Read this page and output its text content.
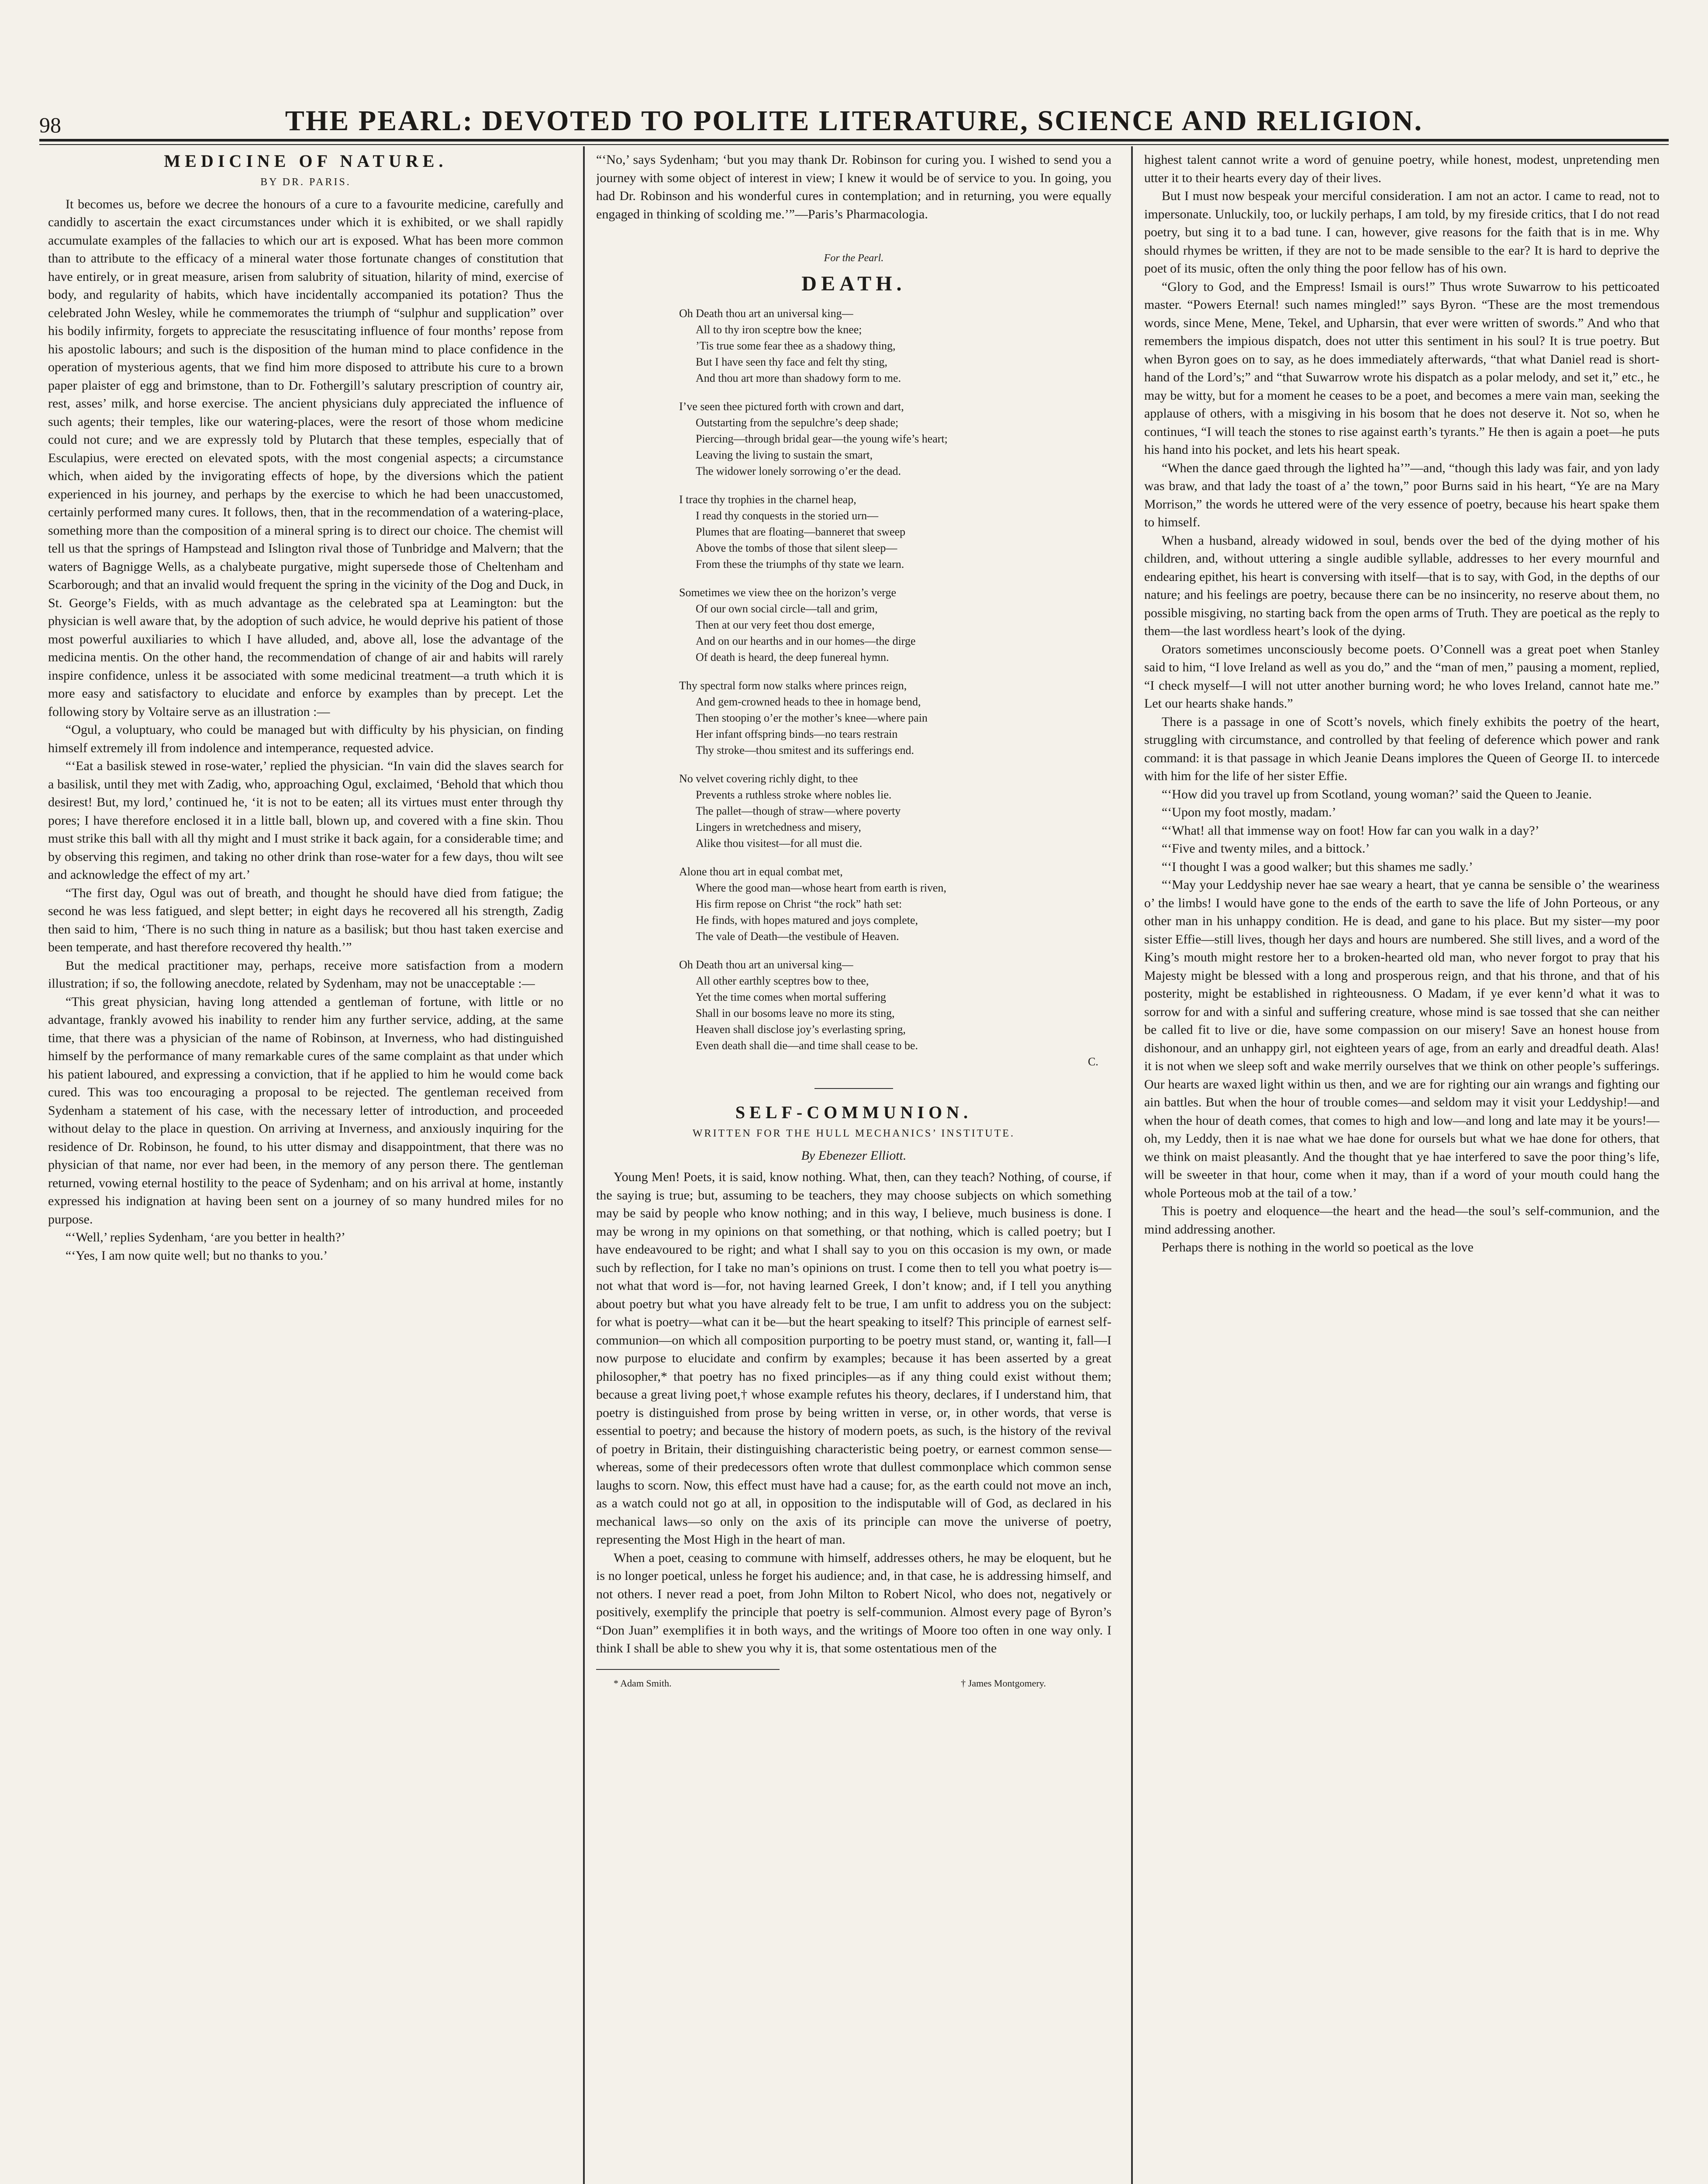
98	THE PEARL: DEVOTED TO POLITE LITERATURE, SCIENCE AND RELIGION.
MEDICINE OF NATURE.
BY DR. PARIS.

It becomes us, before we decree the honours of a cure to a favourite medicine, carefully and candidly to ascertain the exact circumstances under which it is exhibited, or we shall rapidly accumulate examples of the fallacies to which our art is exposed. What has been more common than to attribute to the efficacy of a mineral water those fortunate changes of constitution that have entirely, or in great measure, arisen from salubrity of situation, hilarity of mind, exercise of body, and regularity of habits, which have incidentally accompanied its potation? Thus the celebrated John Wesley, while he commemorates the triumph of “sulphur and supplication” over his bodily infirmity, forgets to appreciate the resuscitating influence of four months’ repose from his apostolic labours; and such is the disposition of the human mind to place confidence in the operation of mysterious agents, that we find him more disposed to attribute his cure to a brown paper plaister of egg and brimstone, than to Dr. Fothergill’s salutary prescription of country air, rest, asses’ milk, and horse exercise. The ancient physicians duly appreciated the influence of such agents; their temples, like our watering-places, were the resort of those whom medicine could not cure; and we are expressly told by Plutarch that these temples, especially that of Esculapius, were erected on elevated spots, with the most congenial aspects; a circumstance which, when aided by the invigorating effects of hope, by the diversions which the patient experienced in his journey, and perhaps by the exercise to which he had been unaccustomed, certainly performed many cures. It follows, then, that in the recommendation of a watering-place, something more than the composition of a mineral spring is to direct our choice. The chemist will tell us that the springs of Hampstead and Islington rival those of Tunbridge and Malvern; that the waters of Bagnigge Wells, as a chalybeate purgative, might supersede those of Cheltenham and Scarborough; and that an invalid would frequent the spring in the vicinity of the Dog and Duck, in St. George’s Fields, with as much advantage as the celebrated spa at Leamington: but the physician is well aware that, by the adoption of such advice, he would deprive his patient of those most powerful auxiliaries to which I have alluded, and, above all, lose the advantage of the medicina mentis. On the other hand, the recommendation of change of air and habits will rarely inspire confidence, unless it be associated with some medicinal treatment—a truth which it is more easy and satisfactory to elucidate and enforce by examples than by precept. Let the following story by Voltaire serve as an illustration :—

“Ogul, a voluptuary, who could be managed but with difficulty by his physician, on finding himself extremely ill from indolence and intemperance, requested advice.

“‘Eat a basilisk stewed in rose-water,’ replied the physician. “In vain did the slaves search for a basilisk, until they met with Zadig, who, approaching Ogul, exclaimed, ‘Behold that which thou desirest! But, my lord,’ continued he, ‘it is not to be eaten; all its virtues must enter through thy pores; I have therefore enclosed it in a little ball, blown up, and covered with a fine skin. Thou must strike this ball with all thy might and I must strike it back again, for a considerable time; and by observing this regimen, and taking no other drink than rose-water for a few days, thou wilt see and acknowledge the effect of my art.’

“The first day, Ogul was out of breath, and thought he should have died from fatigue; the second he was less fatigued, and slept better; in eight days he recovered all his strength, Zadig then said to him, ‘There is no such thing in nature as a basilisk; but thou hast taken exercise and been temperate, and hast therefore recovered thy health.’”

But the medical practitioner may, perhaps, receive more satisfaction from a modern illustration; if so, the following anecdote, related by Sydenham, may not be unacceptable :—

“This great physician, having long attended a gentleman of fortune, with little or no advantage, frankly avowed his inability to render him any further service, adding, at the same time, that there was a physician of the name of Robinson, at Inverness, who had distinguished himself by the performance of many remarkable cures of the same complaint as that under which his patient laboured, and expressing a conviction, that if he applied to him he would come back cured. This was too encouraging a proposal to be rejected. The gentleman received from Sydenham a statement of his case, with the necessary letter of introduction, and proceeded without delay to the place in question. On arriving at Inverness, and anxiously inquiring for the residence of Dr. Robinson, he found, to his utter dismay and disappointment, that there was no physician of that name, nor ever had been, in the memory of any person there. The gentleman returned, vowing eternal hostility to the peace of Sydenham; and on his arrival at home, instantly expressed his indignation at having been sent on a journey of so many hundred miles for no purpose.

“‘Well,’ replies Sydenham, ‘are you better in health?’

“‘Yes, I am now quite well; but no thanks to you.’

“‘No,’ says Sydenham; ‘but you may thank Dr. Robinson for curing you. I wished to send you a journey with some object of interest in view; I knew it would be of service to you. In going, you had Dr. Robinson and his wonderful cures in contemplation; and in returning, you were equally engaged in thinking of scolding me.’”—Paris’s Pharmacologia.

For the Pearl.
DEATH.
Oh Death thou art an universal king—
All to thy iron sceptre bow the knee;
’Tis true some fear thee as a shadowy thing,
But I have seen thy face and felt thy sting,
And thou art more than shadowy form to me.
I’ve seen thee pictured forth with crown and dart,
Outstarting from the sepulchre’s deep shade;
Piercing—through bridal gear—the young wife’s heart;
Leaving the living to sustain the smart,
The widower lonely sorrowing o’er the dead.
I trace thy trophies in the charnel heap,
I read thy conquests in the storied urn—
Plumes that are floating—banneret that sweep
Above the tombs of those that silent sleep—
From these the triumphs of thy state we learn.
Sometimes we view thee on the horizon’s verge
Of our own social circle—tall and grim,
Then at our very feet thou dost emerge,
And on our hearths and in our homes—the dirge
Of death is heard, the deep funereal hymn.
Thy spectral form now stalks where princes reign,
And gem-crowned heads to thee in homage bend,
Then stooping o’er the mother’s knee—where pain
Her infant offspring binds—no tears restrain
Thy stroke—thou smitest and its sufferings end.
No velvet covering richly dight, to thee
Prevents a ruthless stroke where nobles lie.
The pallet—though of straw—where poverty
Lingers in wretchedness and misery,
Alike thou visitest—for all must die.
Alone thou art in equal combat met,
Where the good man—whose heart from earth is riven,
His firm repose on Christ “the rock” hath set:
He finds, with hopes matured and joys complete,
The vale of Death—the vestibule of Heaven.
Oh Death thou art an universal king—
All other earthly sceptres bow to thee,
Yet the time comes when mortal suffering
Shall in our bosoms leave no more its sting,
Heaven shall disclose joy’s everlasting spring,
Even death shall die—and time shall cease to be.
C.
SELF-COMMUNION.
WRITTEN FOR THE HULL MECHANICS’ INSTITUTE.
By Ebenezer Elliott.

Young Men! Poets, it is said, know nothing. What, then, can they teach? Nothing, of course, if the saying is true; but, assuming to be teachers, they may choose subjects on which something may be said by people who know nothing; and in this way, I believe, much business is done. I may be wrong in my opinions on that something, or that nothing, which is called poetry; but I have endeavoured to be right; and what I shall say to you on this occasion is my own, or made such by reflection, for I take no man’s opinions on trust. I come then to tell you what poetry is—not what that word is—for, not having learned Greek, I don’t know; and, if I tell you anything about poetry but what you have already felt to be true, I am unfit to address you on the subject: for what is poetry—what can it be—but the heart speaking to itself? This principle of earnest self-communion—on which all composition purporting to be poetry must stand, or, wanting it, fall—I now purpose to elucidate and confirm by examples; because it has been asserted by a great philosopher,* that poetry has no fixed principles—as if any thing could exist without them; because a great living poet,† whose example refutes his theory, declares, if I understand him, that poetry is distinguished from prose by being written in verse, or, in other words, that verse is essential to poetry; and because the history of modern poets, as such, is the history of the revival of poetry in Britain, their distinguishing characteristic being poetry, or earnest common sense—whereas, some of their predecessors often wrote that dullest commonplace which common sense laughs to scorn. Now, this effect must have had a cause; for, as the earth could not move an inch, as a watch could not go at all, in opposition to the indisputable will of God, as declared in his mechanical laws—so only on the axis of its principle can move the universe of poetry, representing the Most High in the heart of man.

When a poet, ceasing to commune with himself, addresses others, he may be eloquent, but he is no longer poetical, unless he forget his audience; and, in that case, he is addressing himself, and not others. I never read a poet, from John Milton to Robert Nicol, who does not, negatively or positively, exemplify the principle that poetry is self-communion. Almost every page of Byron’s “Don Juan” exemplifies it in both ways, and the writings of Moore too often in one way only. I think I shall be able to shew you why it is, that some ostentatious men of the

* Adam Smith.	† James Montgomery.

highest talent cannot write a word of genuine poetry, while honest, modest, unpretending men utter it to their hearts every day of their lives.

But I must now bespeak your merciful consideration. I am not an actor. I came to read, not to impersonate. Unluckily, too, or luckily perhaps, I am told, by my fireside critics, that I do not read poetry, but sing it to a bad tune. I can, however, give reasons for the faith that is in me. Why should rhymes be written, if they are not to be made sensible to the ear? It is hard to deprive the poet of its music, often the only thing the poor fellow has of his own.

“Glory to God, and the Empress! Ismail is ours!” Thus wrote Suwarrow to his petticoated master. “Powers Eternal! such names mingled!” says Byron. “These are the most tremendous words, since Mene, Mene, Tekel, and Upharsin, that ever were written of swords.” And who that remembers the impious dispatch, does not utter this sentiment in his soul? It is true poetry. But when Byron goes on to say, as he does immediately afterwards, “that what Daniel read is short-hand of the Lord’s;” and “that Suwarrow wrote his dispatch as a polar melody, and set it,” etc., he may be witty, but for a moment he ceases to be a poet, and becomes a mere vain man, seeking the applause of others, with a misgiving in his bosom that he does not deserve it. Not so, when he continues, “I will teach the stones to rise against earth’s tyrants.” He then is again a poet—he puts his hand into his pocket, and lets his heart speak.

“When the dance gaed through the lighted ha’”—and, “though this lady was fair, and yon lady was braw, and that lady the toast of a’ the town,” poor Burns said in his heart, “Ye are na Mary Morrison,” the words he uttered were of the very essence of poetry, because his heart spake them to himself.

When a husband, already widowed in soul, bends over the bed of the dying mother of his children, and, without uttering a single audible syllable, addresses to her every mournful and endearing epithet, his heart is conversing with itself—that is to say, with God, in the depths of our nature; and his feelings are poetry, because there can be no insincerity, no reserve about them, no possible misgiving, no starting back from the open arms of Truth. They are poetical as the reply to them—the last wordless heart’s look of the dying.

Orators sometimes unconsciously become poets. O’Connell was a great poet when Stanley said to him, “I love Ireland as well as you do,” and the “man of men,” pausing a moment, replied, “I check myself—I will not utter another burning word; he who loves Ireland, cannot hate me.” Let our hearts shake hands.”

There is a passage in one of Scott’s novels, which finely exhibits the poetry of the heart, struggling with circumstance, and controlled by that feeling of deference which power and rank command: it is that passage in which Jeanie Deans implores the Queen of George II. to intercede with him for the life of her sister Effie.

“‘How did you travel up from Scotland, young woman?’ said the Queen to Jeanie.

“‘Upon my foot mostly, madam.’

“‘What! all that immense way on foot! How far can you walk in a day?’

“‘Five and twenty miles, and a bittock.’

“‘I thought I was a good walker; but this shames me sadly.’

“‘May your Leddyship never hae sae weary a heart, that ye canna be sensible o’ the weariness o’ the limbs! I would have gone to the ends of the earth to save the life of John Porteous, or any other man in his unhappy condition. He is dead, and gane to his place. But my sister—my poor sister Effie—still lives, though her days and hours are numbered. She still lives, and a word of the King’s mouth might restore her to a broken-hearted old man, who never forgot to pray that his Majesty might be blessed with a long and prosperous reign, and that his throne, and that of his posterity, might be established in righteousness. O Madam, if ye ever kenn’d what it was to sorrow for and with a sinful and suffering creature, whose mind is sae tossed that she can neither be called fit to live or die, have some compassion on our misery! Save an honest house from dishonour, and an unhappy girl, not eighteen years of age, from an early and dreadful death. Alas! it is not when we sleep soft and wake merrily ourselves that we think on other people’s sufferings. Our hearts are waxed light within us then, and we are for righting our ain wrangs and fighting our ain battles. But when the hour of trouble comes—and seldom may it visit your Leddyship!—and when the hour of death comes, that comes to high and low—and long and late may it be yours!—oh, my Leddy, then it is nae what we hae done for oursels but what we hae done for others, that we think on maist pleasantly. And the thought that ye hae interfered to save the poor thing’s life, will be sweeter in that hour, come when it may, than if a word of your mouth could hang the whole Porteous mob at the tail of a tow.’

This is poetry and eloquence—the heart and the head—the soul’s self-communion, and the mind addressing another.

Perhaps there is nothing in the world so poetical as the love
